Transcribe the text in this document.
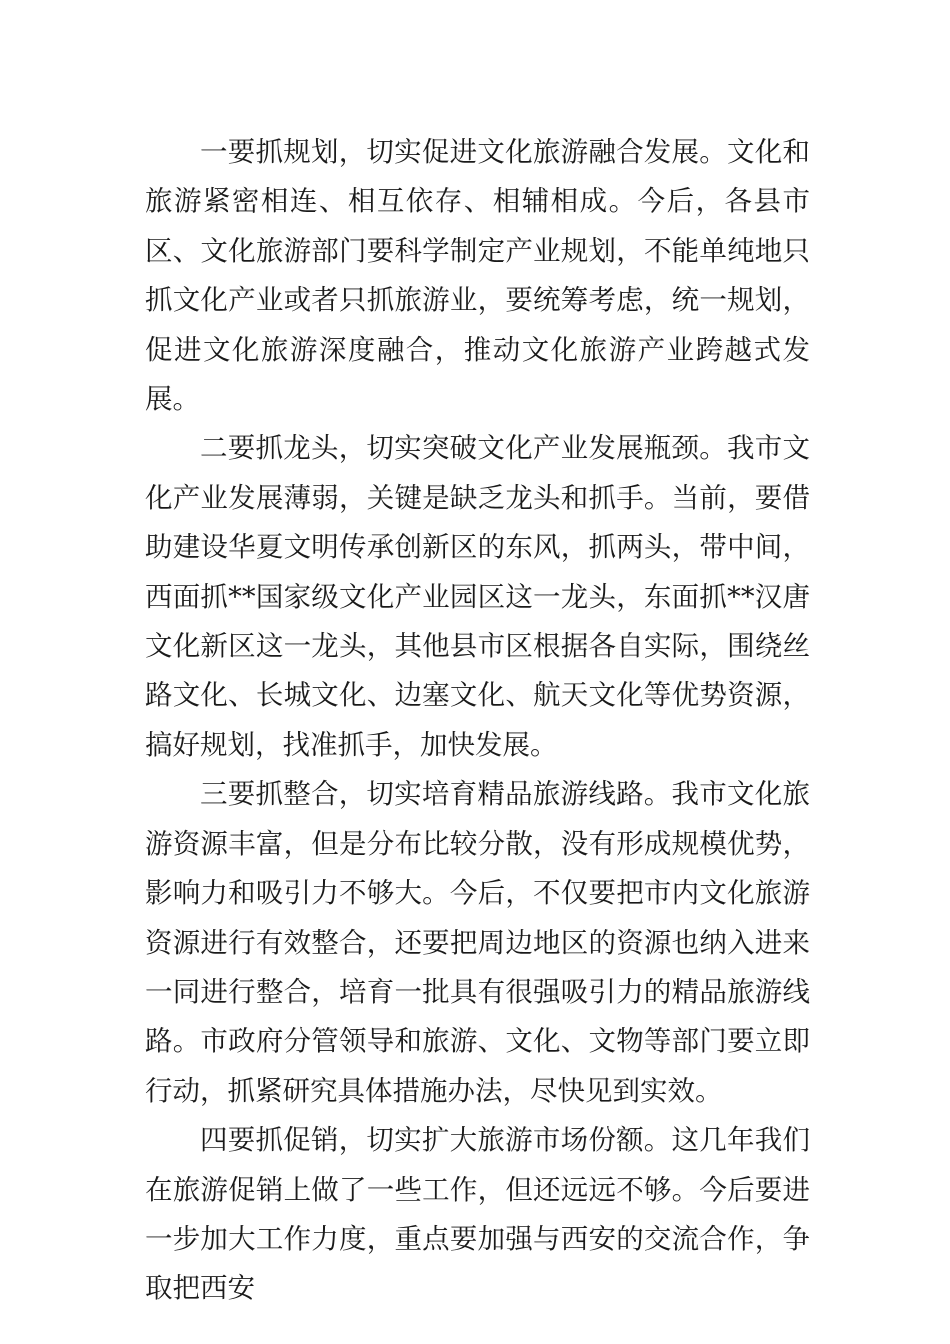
一要抓规划，切实促进文化旅游融合发展。文化和旅游紧密相连、相互依存、相辅相成。今后，各县市区、文化旅游部门要科学制定产业规划，不能单纯地只抓文化产业或者只抓旅游业，要统筹考虑，统一规划，促进文化旅游深度融合，推动文化旅游产业跨越式发展。

二要抓龙头，切实突破文化产业发展瓶颈。我市文化产业发展薄弱，关键是缺乏龙头和抓手。当前，要借助建设华夏文明传承创新区的东风，抓两头，带中间，西面抓**国家级文化产业园区这一龙头，东面抓**汉唐文化新区这一龙头，其他县市区根据各自实际，围绕丝路文化、长城文化、边塞文化、航天文化等优势资源，搞好规划，找准抓手，加快发展。

三要抓整合，切实培育精品旅游线路。我市文化旅游资源丰富，但是分布比较分散，没有形成规模优势，影响力和吸引力不够大。今后，不仅要把市内文化旅游资源进行有效整合，还要把周边地区的资源也纳入进来一同进行整合，培育一批具有很强吸引力的精品旅游线路。市政府分管领导和旅游、文化、文物等部门要立即行动，抓紧研究具体措施办法，尽快见到实效。

四要抓促销，切实扩大旅游市场份额。这几年我们在旅游促销上做了一些工作，但还远远不够。今后要进一步加大工作力度，重点要加强与西安的交流合作，争取把西安
